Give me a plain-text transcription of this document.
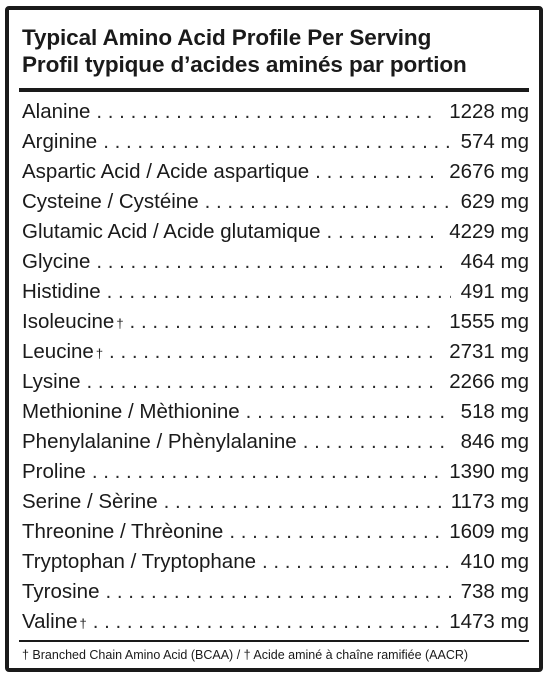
Typical Amino Acid Profile Per Serving
Profil typique d’acides aminés par portion
Alanine . . .	1228 mg
Arginine . . .	574 mg
Aspartic Acid / Acide aspartique . . .	2676 mg
Cysteine / Cystéine . . .	629 mg
Glutamic Acid / Acide glutamique . . .	4229 mg
Glycine . . .	464 mg
Histidine . . .	491 mg
Isoleucine † . . .	1555 mg
Leucine † . . .	2731 mg
Lysine . . .	2266 mg
Methionine / Mèthionine . . .	518 mg
Phenylalanine / Phènylalanine . . .	846 mg
Proline . . .	1390 mg
Serine / Sèrine . . .	1173 mg
Threonine / Thrèonine . . .	1609 mg
Tryptophan / Tryptophane . . .	410 mg
Tyrosine . . .	738 mg
Valine † . . .	1473 mg
† Branched Chain Amino Acid (BCAA) / † Acide aminé à chaîne ramifiée (AACR)
